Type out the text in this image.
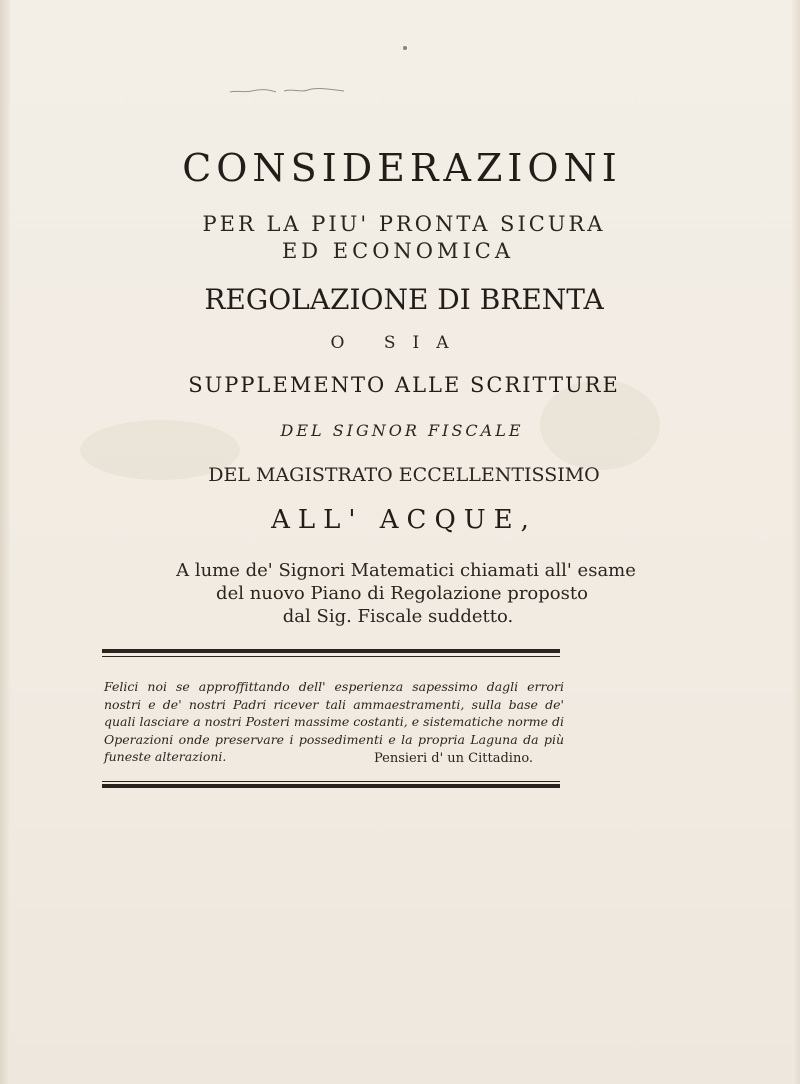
CONSIDERAZIONI
PER LA PIU' PRONTA SICURA
ED ECONOMICA
REGOLAZIONE DI BRENTA
O SIA
SUPPLEMENTO ALLE SCRITTURE
DEL SIGNOR FISCALE
DEL MAGISTRATO ECCELLENTISSIMO
ALL' ACQUE,
A lume de' Signori Matematici chiamati all' esame
del nuovo Piano di Regolazione proposto
dal Sig. Fiscale suddetto.
Felici noi se approffittando dell' esperienza sapessimo dagli errori nostri e de' nostri Padri ricever tali ammaestramenti, sulla base de' quali lasciare a nostri Posteri massime costanti, e sistematiche norme di Operazioni onde preservare i possedimenti e la propria Laguna da più funeste alterazioni.	Pensieri d' un Cittadino.
